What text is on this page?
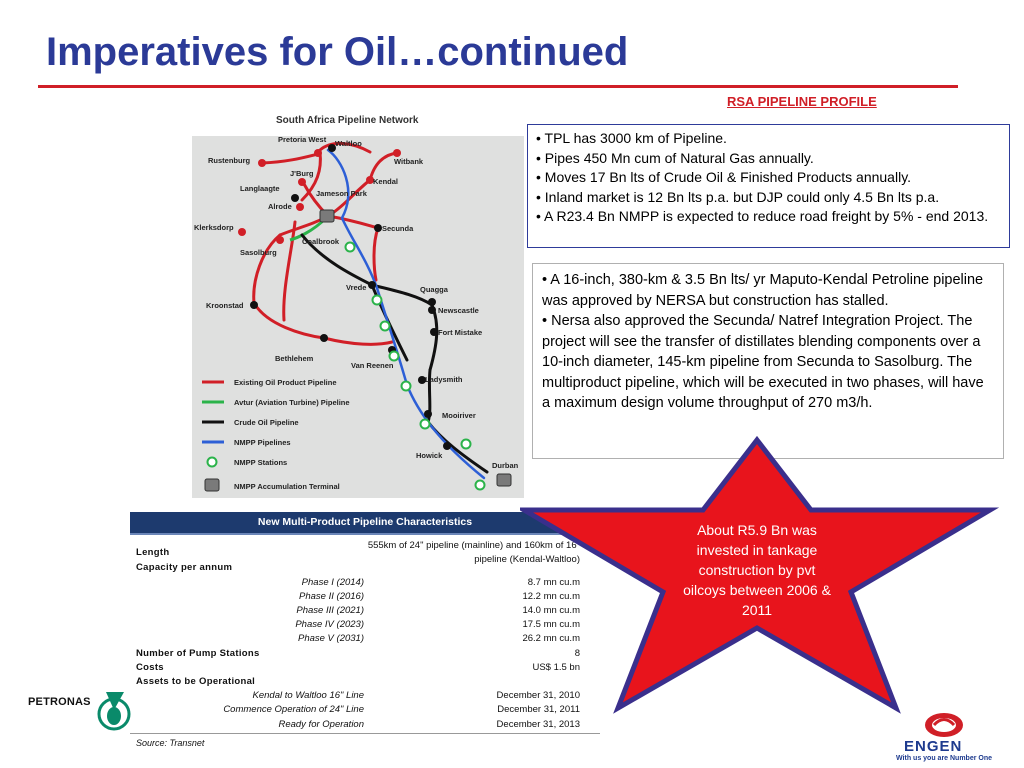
Imperatives for Oil…continued
RSA PIPELINE PROFILE
• TPL has 3000 km of Pipeline.
• Pipes 450 Mn cum of Natural Gas annually.
• Moves 17 Bn lts of Crude Oil & Finished Products annually.
• Inland market is 12 Bn lts p.a. but DJP could only 4.5 Bn lts p.a.
• A R23.4 Bn NMPP is expected to reduce road freight by 5% - end 2013.
• A 16-inch, 380-km & 3.5 Bn lts/ yr Maputo-Kendal Petroline pipeline was approved by NERSA but construction has stalled.
• Nersa also approved the Secunda/ Natref Integration Project. The project will see the transfer of distillates blending components over a 10-inch diameter, 145-km pipeline from Secunda to Sasolburg. The multiproduct pipeline, which will be executed in two phases, will have a maximum design volume throughput of 270 m3/h.
South Africa Pipeline Network
Pretoria West Waltloo
Rustenburg	Witbank
J'Burg
Jameson Park
Kendal
Langlaagte
Alrode
Klerksdorp
Coalbrook
Secunda
Sasolburg
Vrede	Quagga
Newscastle
Kroonstad
Fort Mistake
Bethlehem
Van Reenen
Ladysmith
Mooiriver
Howick
Durban
Existing Oil Product Pipeline
Avtur (Aviation Turbine) Pipeline
Crude Oil Pipeline
NMPP Pipelines
NMPP Stations
NMPP Accumulation Terminal
New Multi-Product Pipeline Characteristics
Length
555km of 24" pipeline (mainline) and 160km of 16"
pipeline (Kendal-Waltloo)
Capacity per annum
Phase I (2014)	8.7 mn cu.m
Phase II (2016)	12.2 mn cu.m
Phase III (2021)	14.0 mn cu.m
Phase IV (2023)	17.5 mn cu.m
Phase V (2031)	26.2 mn cu.m
Number of Pump Stations	8
Costs	US$ 1.5 bn
Assets to be Operational
Kendal to Waltloo 16" Line	December 31, 2010
Commence Operation of 24" Line	December 31, 2011
Ready for Operation	December 31, 2013
Source: Transnet
About R5.9 Bn was invested in tankage construction by pvt oilcoys between 2006 & 2011
PETRONAS
ENGEN
With us you are Number One
